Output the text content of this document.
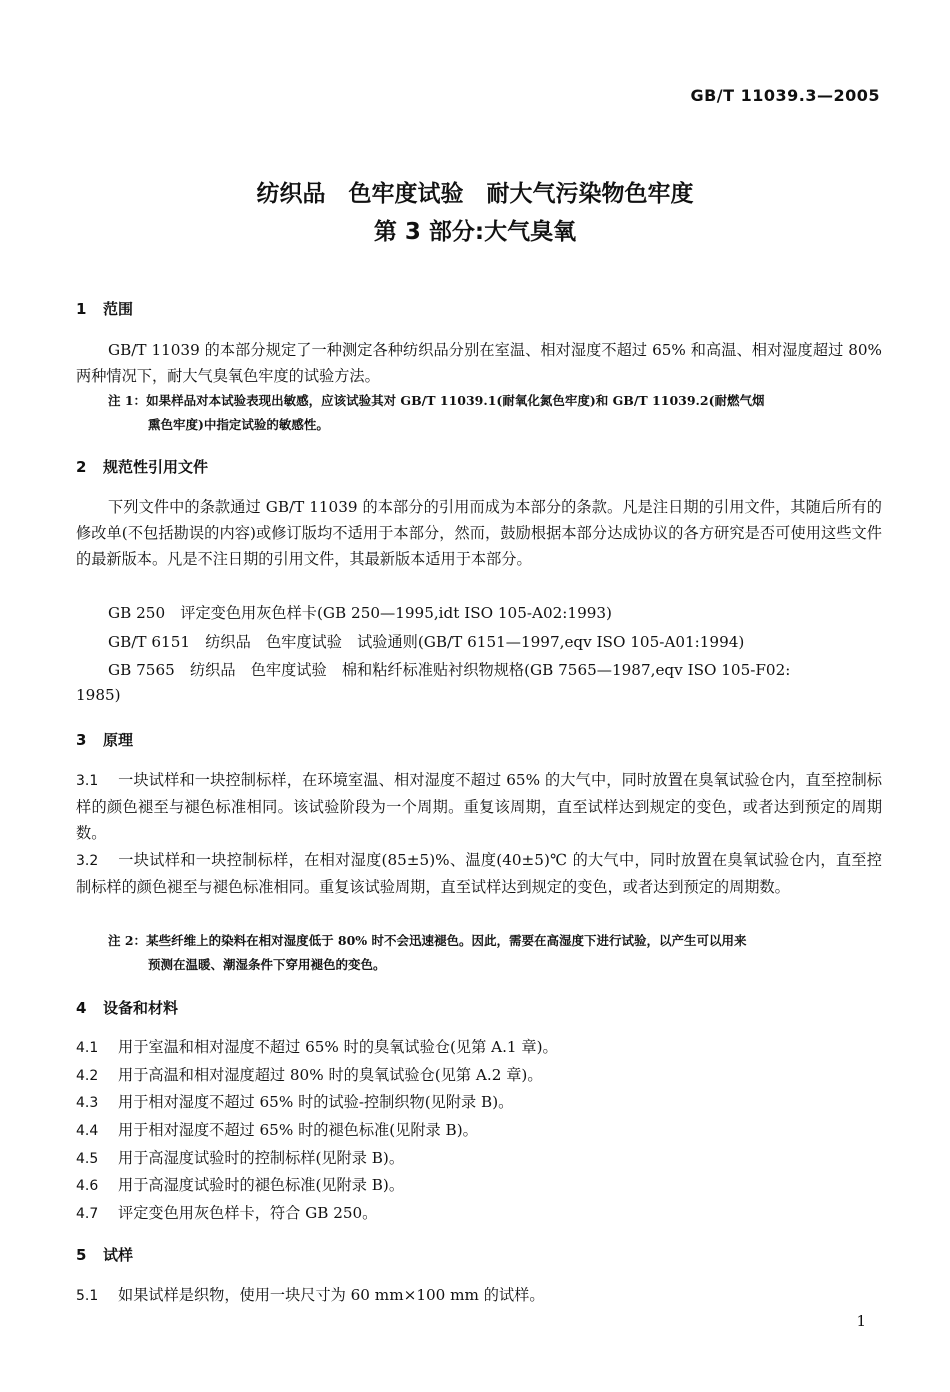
GB/T 11039.3—2005
纺织品　色牢度试验　耐大气污染物色牢度
第 3 部分:大气臭氧
1 范围
GB/T 11039 的本部分规定了一种测定各种纺织品分别在室温、相对湿度不超过 65% 和高温、相对湿度超过 80% 两种情况下，耐大气臭氧色牢度的试验方法。
注 1：如果样品对本试验表现出敏感，应该试验其对 GB/T 11039.1(耐氧化氮色牢度)和 GB/T 11039.2(耐燃气烟
熏色牢度)中指定试验的敏感性。
2 规范性引用文件
下列文件中的条款通过 GB/T 11039 的本部分的引用而成为本部分的条款。凡是注日期的引用文件，其随后所有的修改单(不包括勘误的内容)或修订版均不适用于本部分，然而，鼓励根据本部分达成协议的各方研究是否可使用这些文件的最新版本。凡是不注日期的引用文件，其最新版本适用于本部分。
GB 250　评定变色用灰色样卡(GB 250—1995,idt ISO 105-A02:1993)
GB/T 6151　纺织品　色牢度试验　试验通则(GB/T 6151—1997,eqv ISO 105-A01:1994)
GB 7565　纺织品　色牢度试验　棉和粘纤标准贴衬织物规格(GB 7565—1987,eqv ISO 105-F02:
1985)
3 原理
3.1 一块试样和一块控制标样，在环境室温、相对湿度不超过 65% 的大气中，同时放置在臭氧试验仓内，直至控制标样的颜色褪至与褪色标准相同。该试验阶段为一个周期。重复该周期，直至试样达到规定的变色，或者达到预定的周期数。
3.2 一块试样和一块控制标样，在相对湿度(85±5)%、温度(40±5)℃ 的大气中，同时放置在臭氧试验仓内，直至控制标样的颜色褪至与褪色标准相同。重复该试验周期，直至试样达到规定的变色，或者达到预定的周期数。
注 2：某些纤维上的染料在相对湿度低于 80% 时不会迅速褪色。因此，需要在高湿度下进行试验，以产生可以用来
预测在温暖、潮湿条件下穿用褪色的变色。
4 设备和材料
4.1 用于室温和相对湿度不超过 65% 时的臭氧试验仓(见第 A.1 章)。
4.2 用于高温和相对湿度超过 80% 时的臭氧试验仓(见第 A.2 章)。
4.3 用于相对湿度不超过 65% 时的试验-控制织物(见附录 B)。
4.4 用于相对湿度不超过 65% 时的褪色标准(见附录 B)。
4.5 用于高湿度试验时的控制标样(见附录 B)。
4.6 用于高湿度试验时的褪色标准(见附录 B)。
4.7 评定变色用灰色样卡，符合 GB 250。
5 试样
5.1 如果试样是织物，使用一块尺寸为 60 mm×100 mm 的试样。
1
